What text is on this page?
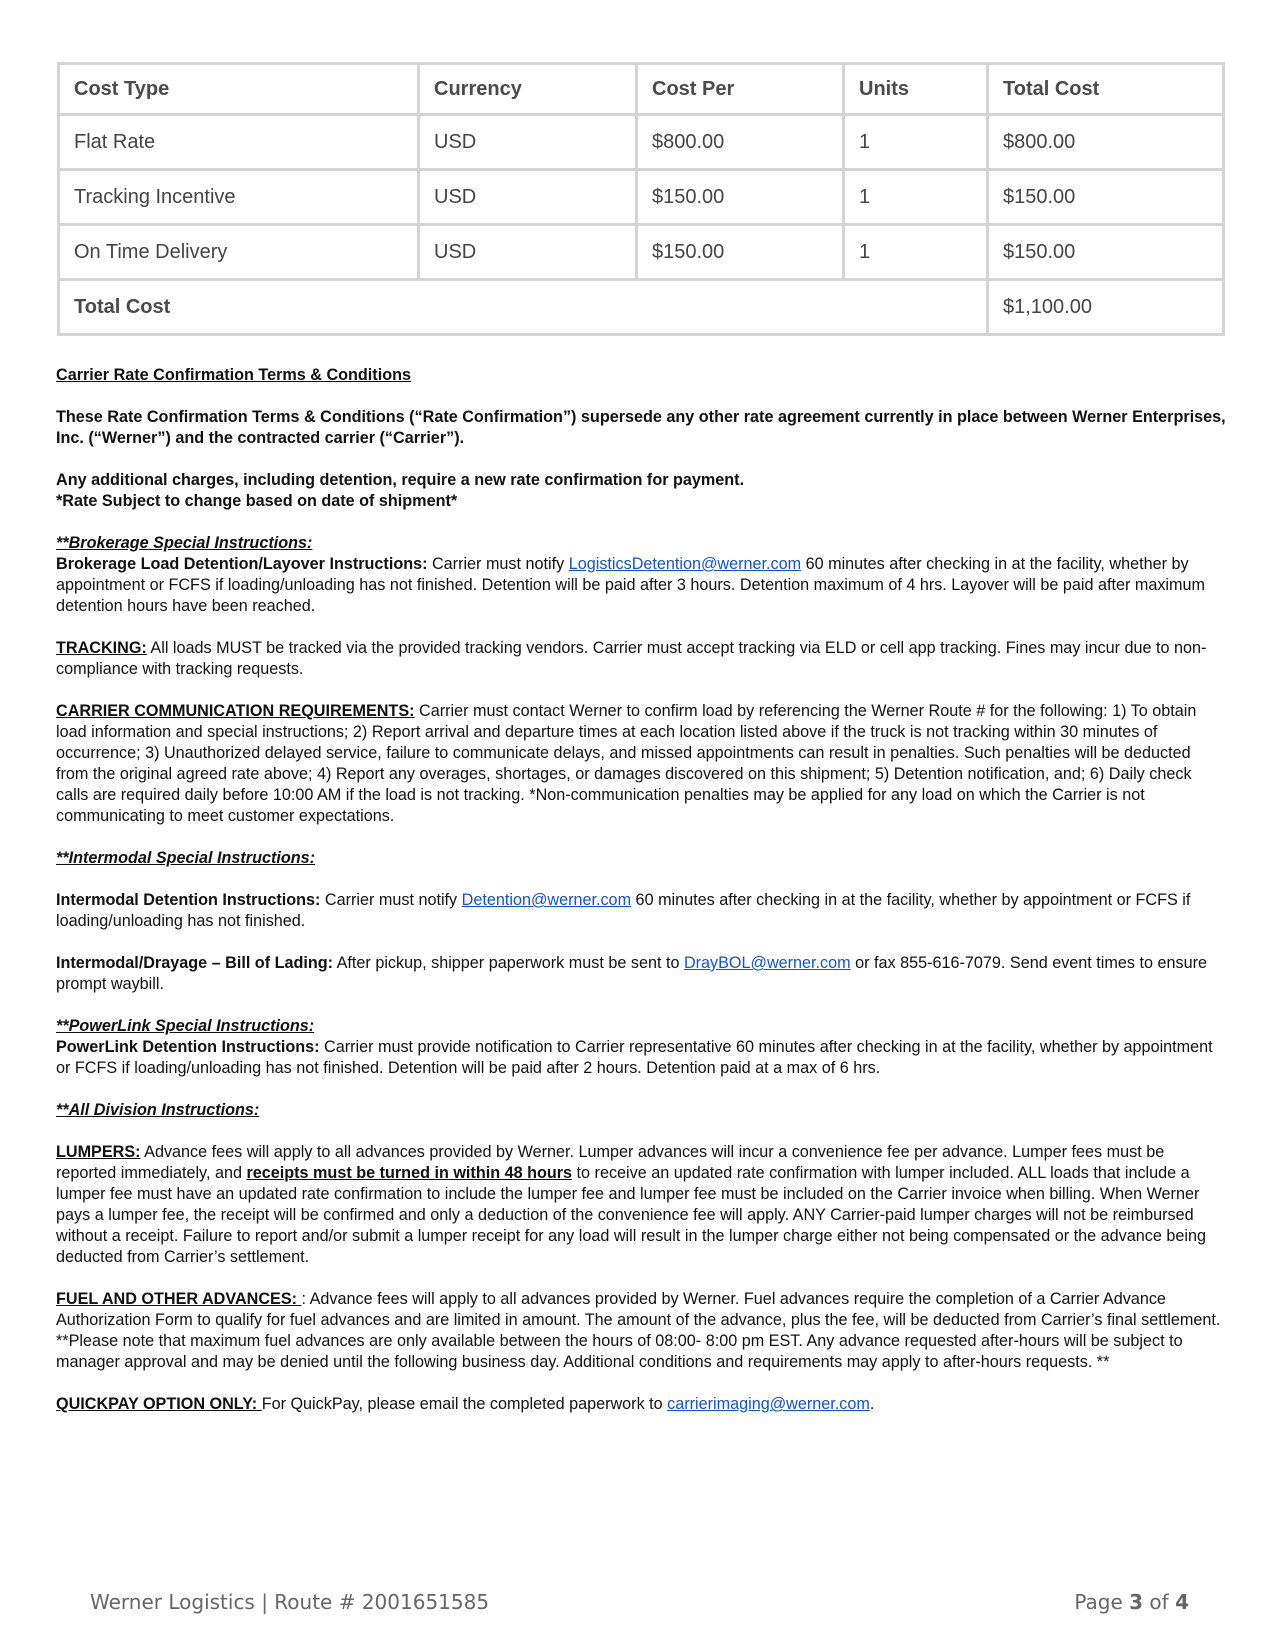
Cost Type	Currency	Cost Per	Units	Total Cost
Flat Rate	USD	$800.00	1	$800.00
Tracking Incentive	USD	$150.00	1	$150.00
On Time Delivery	USD	$150.00	1	$150.00
Total Cost				$1,100.00

Carrier Rate Confirmation Terms & Conditions

These Rate Confirmation Terms & Conditions (“Rate Confirmation”) supersede any other rate agreement currently in place between Werner Enterprises, Inc. (“Werner”) and the contracted carrier (“Carrier”).

Any additional charges, including detention, require a new rate confirmation for payment.

*Rate Subject to change based on date of shipment*

**Brokerage Special Instructions:

Brokerage Load Detention/Layover Instructions: Carrier must notify LogisticsDetention@werner.com 60 minutes after checking in at the facility, whether by appointment or FCFS if loading/unloading has not finished. Detention will be paid after 3 hours. Detention maximum of 4 hrs. Layover will be paid after maximum detention hours have been reached.

TRACKING: All loads MUST be tracked via the provided tracking vendors. Carrier must accept tracking via ELD or cell app tracking. Fines may incur due to non-compliance with tracking requests.

CARRIER COMMUNICATION REQUIREMENTS: Carrier must contact Werner to confirm load by referencing the Werner Route # for the following: 1) To obtain load information and special instructions; 2) Report arrival and departure times at each location listed above if the truck is not tracking within 30 minutes of occurrence; 3) Unauthorized delayed service, failure to communicate delays, and missed appointments can result in penalties. Such penalties will be deducted from the original agreed rate above; 4) Report any overages, shortages, or damages discovered on this shipment; 5) Detention notification, and; 6) Daily check calls are required daily before 10:00 AM if the load is not tracking. *Non-communication penalties may be applied for any load on which the Carrier is not communicating to meet customer expectations.

**Intermodal Special Instructions:

Intermodal Detention Instructions: Carrier must notify Detention@werner.com 60 minutes after checking in at the facility, whether by appointment or FCFS if loading/unloading has not finished.

Intermodal/Drayage – Bill of Lading: After pickup, shipper paperwork must be sent to DrayBOL@werner.com or fax 855-616-7079. Send event times to ensure prompt waybill.

**PowerLink Special Instructions:

PowerLink Detention Instructions: Carrier must provide notification to Carrier representative 60 minutes after checking in at the facility, whether by appointment or FCFS if loading/unloading has not finished. Detention will be paid after 2 hours. Detention paid at a max of 6 hrs.

**All Division Instructions:

LUMPERS: Advance fees will apply to all advances provided by Werner. Lumper advances will incur a convenience fee per advance. Lumper fees must be reported immediately, and receipts must be turned in within 48 hours to receive an updated rate confirmation with lumper included. ALL loads that include a lumper fee must have an updated rate confirmation to include the lumper fee and lumper fee must be included on the Carrier invoice when billing. When Werner pays a lumper fee, the receipt will be confirmed and only a deduction of the convenience fee will apply. ANY Carrier-paid lumper charges will not be reimbursed without a receipt. Failure to report and/or submit a lumper receipt for any load will result in the lumper charge either not being compensated or the advance being deducted from Carrier’s settlement.

FUEL AND OTHER ADVANCES: : Advance fees will apply to all advances provided by Werner. Fuel advances require the completion of a Carrier Advance Authorization Form to qualify for fuel advances and are limited in amount. The amount of the advance, plus the fee, will be deducted from Carrier’s final settlement. **Please note that maximum fuel advances are only available between the hours of 08:00- 8:00 pm EST. Any advance requested after-hours will be subject to manager approval and may be denied until the following business day. Additional conditions and requirements may apply to after-hours requests. **

QUICKPAY OPTION ONLY: For QuickPay, please email the completed paperwork to carrierimaging@werner.com.

Werner Logistics | Route # 2001651585	Page 3 of 4
